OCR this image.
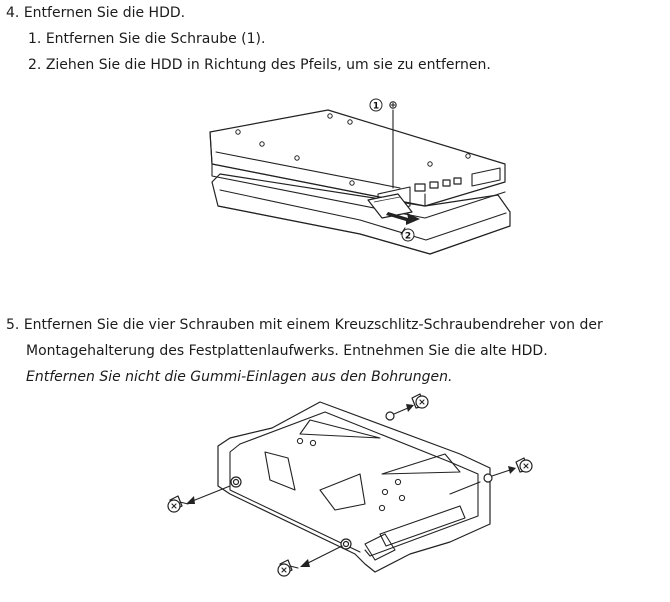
4. Entfernen Sie die HDD.
1. Entfernen Sie die Schraube (1).
2. Ziehen Sie die HDD in Richtung des Pfeils, um sie zu entfernen.
1
2
5. Entfernen Sie die vier Schrauben mit einem Kreuzschlitz-Schraubendreher von der
Montagehalterung des Festplattenlaufwerks. Entnehmen Sie die alte HDD.
Entfernen Sie nicht die Gummi-Einlagen aus den Bohrungen.
